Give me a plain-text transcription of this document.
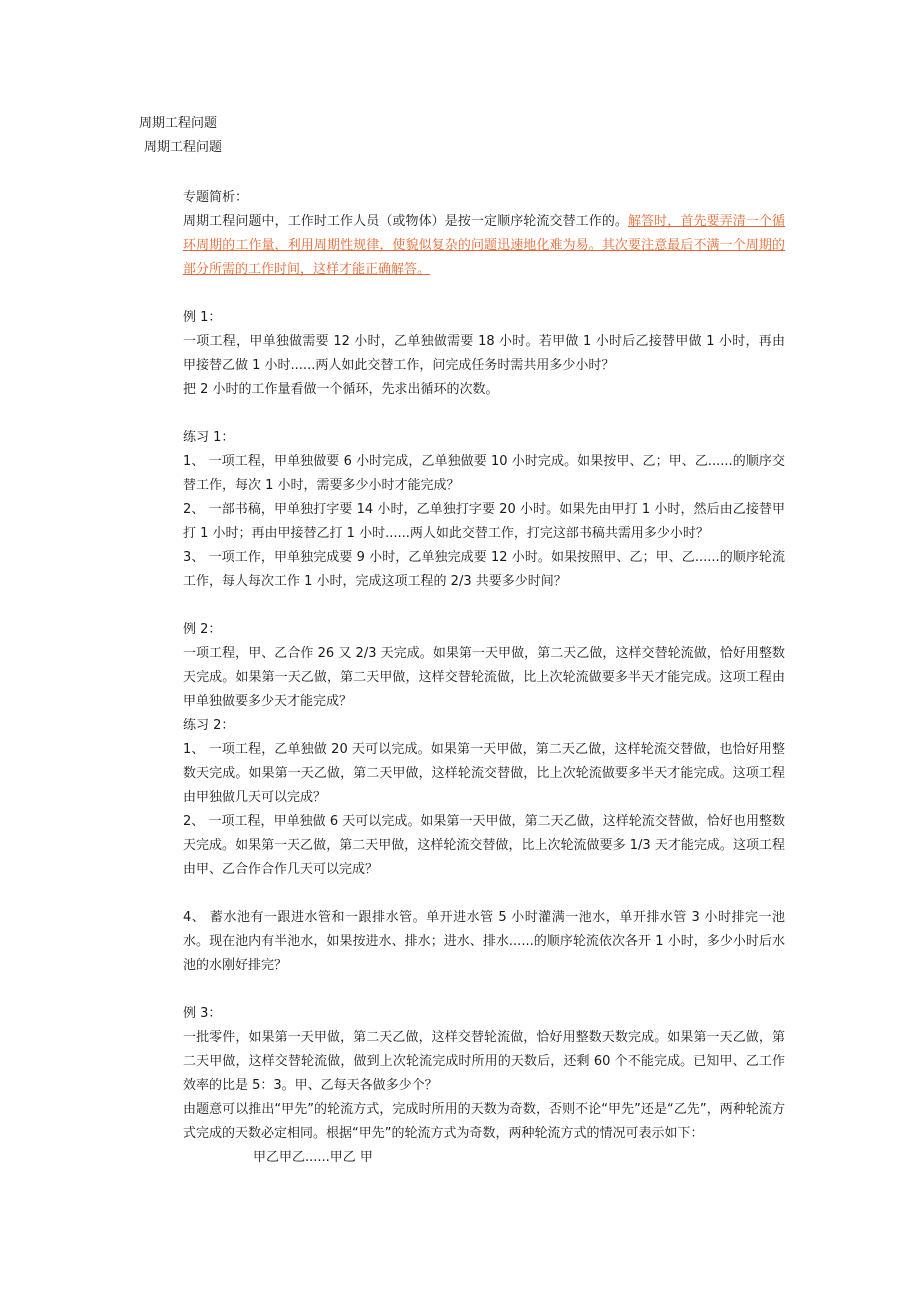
周期工程问题
周期工程问题

专题简析：

周期工程问题中，工作时工作人员（或物体）是按一定顺序轮流交替工作的。解答时，首先要弄清一个循环周期的工作量，利用周期性规律，使貌似复杂的问题迅速地化难为易。其次要注意最后不满一个周期的部分所需的工作时间，这样才能正确解答。

例 1：

一项工程，甲单独做需要 12 小时，乙单独做需要 18 小时。若甲做 1 小时后乙接替甲做 1 小时，再由甲接替乙做 1 小时......两人如此交替工作，问完成任务时需共用多少小时？

把 2 小时的工作量看做一个循环，先求出循环的次数。

练习 1：

1、 一项工程，甲单独做要 6 小时完成，乙单独做要 10 小时完成。如果按甲、乙；甲、乙......的顺序交替工作，每次 1 小时，需要多少小时才能完成？

2、 一部书稿，甲单独打字要 14 小时，乙单独打字要 20 小时。如果先由甲打 1 小时，然后由乙接替甲打 1 小时；再由甲接替乙打 1 小时......两人如此交替工作，打完这部书稿共需用多少小时？

3、 一项工作，甲单独完成要 9 小时，乙单独完成要 12 小时。如果按照甲、乙；甲、乙......的顺序轮流工作，每人每次工作 1 小时，完成这项工程的 2/3 共要多少时间？

例 2：

一项工程，甲、乙合作 26 又 2/3 天完成。如果第一天甲做，第二天乙做，这样交替轮流做，恰好用整数天完成。如果第一天乙做，第二天甲做，这样交替轮流做，比上次轮流做要多半天才能完成。这项工程由甲单独做要多少天才能完成？

练习 2：

1、 一项工程，乙单独做 20 天可以完成。如果第一天甲做，第二天乙做，这样轮流交替做，也恰好用整数天完成。如果第一天乙做，第二天甲做，这样轮流交替做，比上次轮流做要多半天才能完成。这项工程由甲独做几天可以完成？

2、 一项工程，甲单独做 6 天可以完成。如果第一天甲做，第二天乙做，这样轮流交替做，恰好也用整数天完成。如果第一天乙做，第二天甲做，这样轮流交替做，比上次轮流做要多 1/3 天才能完成。这项工程由甲、乙合作合作几天可以完成？

4、 蓄水池有一跟进水管和一跟排水管。单开进水管 5 小时灌满一池水，单开排水管 3 小时排完一池水。现在池内有半池水，如果按进水、排水；进水、排水......的顺序轮流依次各开 1 小时，多少小时后水池的水刚好排完？

例 3：

一批零件，如果第一天甲做，第二天乙做，这样交替轮流做，恰好用整数天数完成。如果第一天乙做，第二天甲做，这样交替轮流做，做到上次轮流完成时所用的天数后，还剩 60 个不能完成。已知甲、乙工作效率的比是 5：3。甲、乙每天各做多少个？

由题意可以推出“甲先”的轮流方式，完成时所用的天数为奇数，否则不论“甲先”还是“乙先”，两种轮流方式完成的天数必定相同。根据“甲先”的轮流方式为奇数，两种轮流方式的情况可表示如下：

甲乙甲乙......甲乙 甲
